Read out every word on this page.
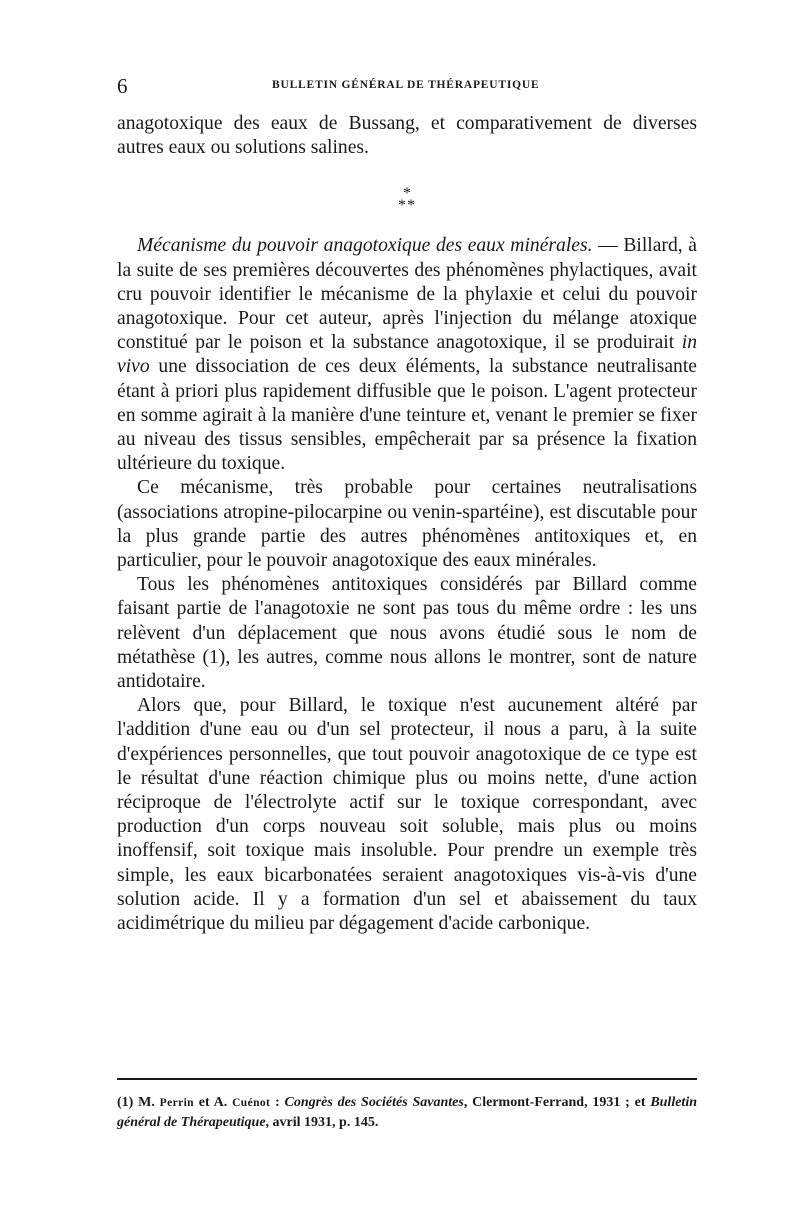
6	BULLETIN GÉNÉRAL DE THÉRAPEUTIQUE

anagotoxique des eaux de Bussang, et comparativement de diverses autres eaux ou solutions salines.

*
**

Mécanisme du pouvoir anagotoxique des eaux minérales. — Billard, à la suite de ses premières découvertes des phénomènes phylactiques, avait cru pouvoir identifier le mécanisme de la phylaxie et celui du pouvoir anagotoxique. Pour cet auteur, après l'injection du mélange atoxique constitué par le poison et la substance anagotoxique, il se produirait in vivo une dissociation de ces deux éléments, la substance neutralisante étant à priori plus rapidement diffusible que le poison. L'agent protecteur en somme agirait à la manière d'une teinture et, venant le premier se fixer au niveau des tissus sensibles, empêcherait par sa présence la fixation ultérieure du toxique.

Ce mécanisme, très probable pour certaines neutralisations (associations atropine-pilocarpine ou venin-spartéine), est discutable pour la plus grande partie des autres phénomènes antitoxiques et, en particulier, pour le pouvoir anagotoxique des eaux minérales.

Tous les phénomènes antitoxiques considérés par Billard comme faisant partie de l'anagotoxie ne sont pas tous du même ordre : les uns relèvent d'un déplacement que nous avons étudié sous le nom de métathèse (1), les autres, comme nous allons le montrer, sont de nature antidotaire.

Alors que, pour Billard, le toxique n'est aucunement altéré par l'addition d'une eau ou d'un sel protecteur, il nous a paru, à la suite d'expériences personnelles, que tout pouvoir anagotoxique de ce type est le résultat d'une réaction chimique plus ou moins nette, d'une action réciproque de l'électrolyte actif sur le toxique correspondant, avec production d'un corps nouveau soit soluble, mais plus ou moins inoffensif, soit toxique mais insoluble. Pour prendre un exemple très simple, les eaux bicarbonatées seraient anagotoxiques vis-à-vis d'une solution acide. Il y a formation d'un sel et abaissement du taux acidimétrique du milieu par dégagement d'acide carbonique.

(1) M. Perrin et A. Cuénot : Congrès des Sociétés Savantes, Clermont-Ferrand, 1931 ; et Bulletin général de Thérapeutique, avril 1931, p. 145.
